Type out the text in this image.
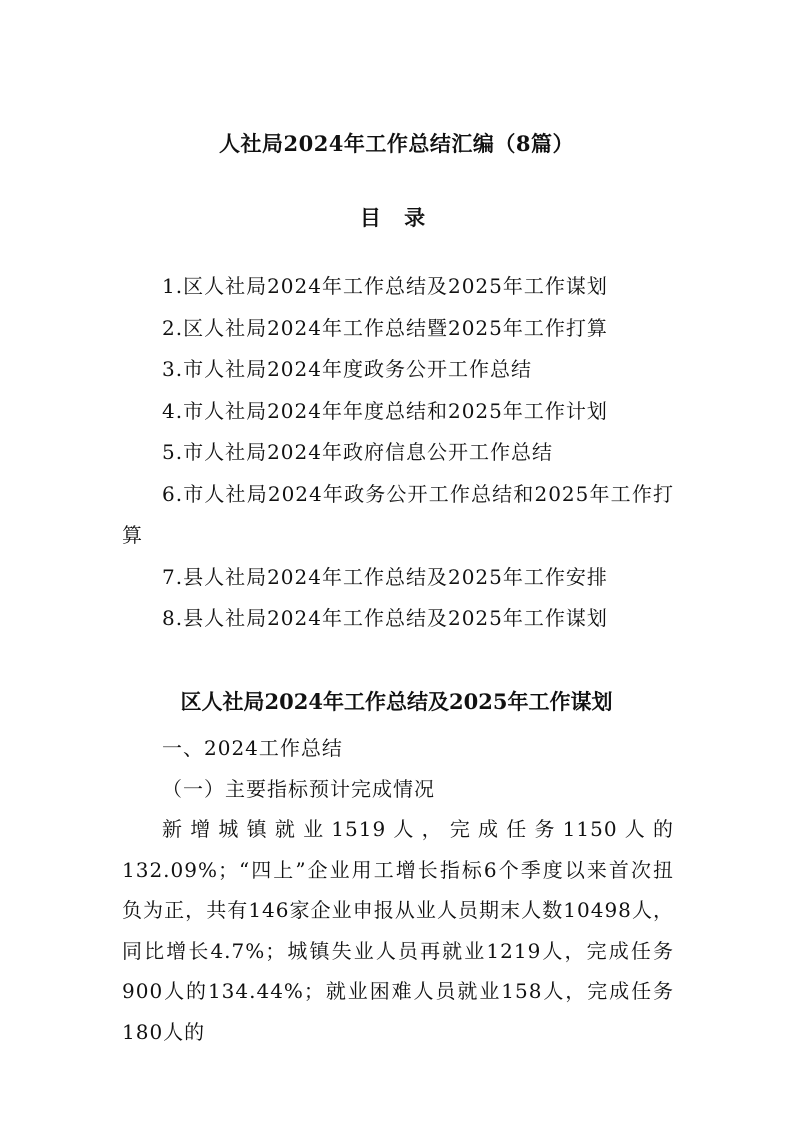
人社局2024年工作总结汇编（8篇）
目 录
1.区人社局2024年工作总结及2025年工作谋划
2.区人社局2024年工作总结暨2025年工作打算
3.市人社局2024年度政务公开工作总结
4.市人社局2024年年度总结和2025年工作计划
5.市人社局2024年政府信息公开工作总结
6.市人社局2024年政务公开工作总结和2025年工作打算
7.县人社局2024年工作总结及2025年工作安排
8.县人社局2024年工作总结及2025年工作谋划
区人社局2024年工作总结及2025年工作谋划

一、2024工作总结

（一）主要指标预计完成情况

新增城镇就业1519人，完成任务1150人的132.09%；“四上”企业用工增长指标6个季度以来首次扭负为正，共有146家企业申报从业人员期末人数10498人，同比增长4.7%；城镇失业人员再就业1219人，完成任务900人的134.44%；就业困难人员就业158人，完成任务180人的
